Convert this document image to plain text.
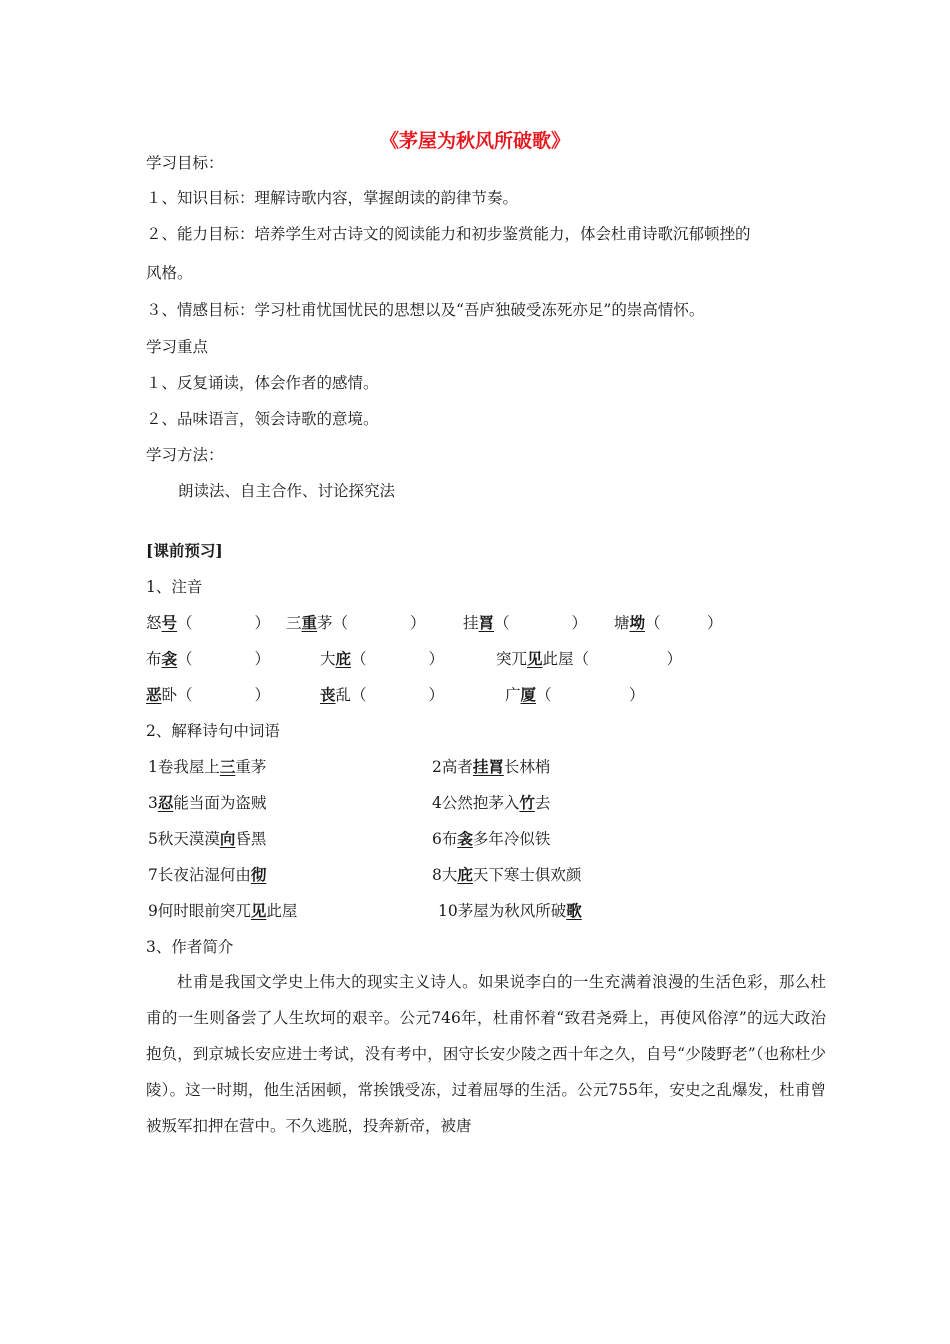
《茅屋为秋风所破歌》
学习目标：
１、知识目标：理解诗歌内容，掌握朗读的韵律节奏。
２、能力目标：培养学生对古诗文的阅读能力和初步鉴赏能力，体会杜甫诗歌沉郁顿挫的
风格。
３、情感目标：学习杜甫忧国忧民的思想以及“吾庐独破受冻死亦足”的崇高情怀。
学习重点
１、反复诵读，体会作者的感情。
２、品味语言，领会诗歌的意境。
学习方法：
朗读法、自主合作、讨论探究法
[课前预习]
1、注音
怒号（　　　　） 三重茅（　　　　） 挂罥（　　　　） 塘坳（　　　）
布衾（　　　　）	大庇（　　　　）	突兀见此屋（　　　　　）
恶卧（　　　　）	丧乱（　　　　）	广厦（　　　　　）
2、解释诗句中词语
1卷我屋上三重茅	2高者挂罥长林梢
3忍能当面为盗贼	4公然抱茅入竹去
5秋天漠漠向昏黑	6布衾多年冷似铁
7长夜沾湿何由彻	8大庇天下寒士俱欢颜
9何时眼前突兀见此屋	10茅屋为秋风所破歌
3、作者简介

杜甫是我国文学史上伟大的现实主义诗人。如果说李白的一生充满着浪漫的生活色彩，那么杜甫的一生则备尝了人生坎坷的艰辛。公元746年，杜甫怀着“致君尧舜上，再使风俗淳”的远大政治抱负，到京城长安应进士考试，没有考中，困守长安少陵之西十年之久，自号“少陵野老”（也称杜少陵）。这一时期，他生活困顿，常挨饿受冻，过着屈辱的生活。公元755年，安史之乱爆发，杜甫曾被叛军扣押在营中。不久逃脱，投奔新帝，被唐
